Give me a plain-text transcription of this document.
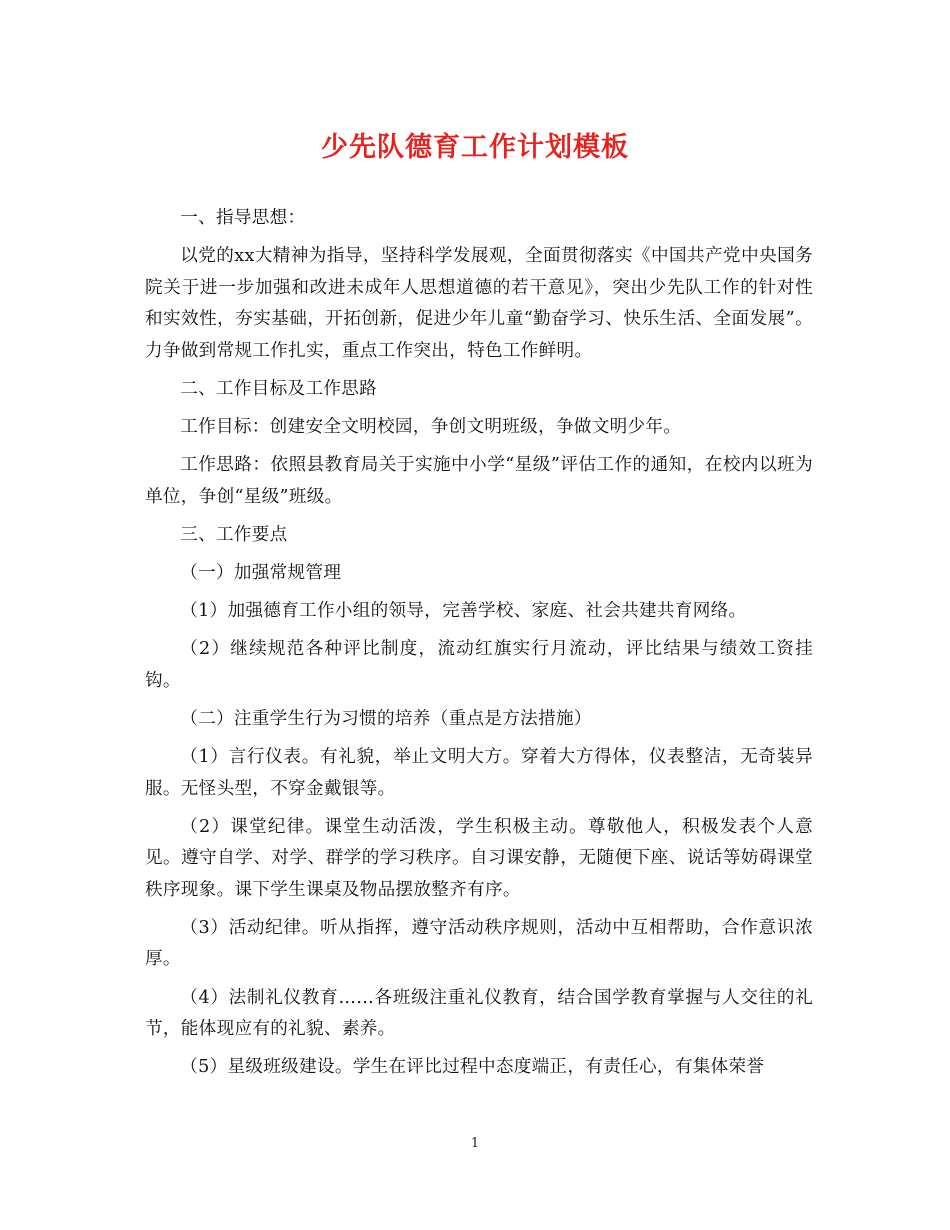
少先队德育工作计划模板

一、指导思想：

以党的xx大精神为指导，坚持科学发展观，全面贯彻落实《中国共产党中央国务院关于进一步加强和改进未成年人思想道德的若干意见》，突出少先队工作的针对性和实效性，夯实基础，开拓创新，促进少年儿童“勤奋学习、快乐生活、全面发展”。力争做到常规工作扎实，重点工作突出，特色工作鲜明。

二、工作目标及工作思路

工作目标：创建安全文明校园，争创文明班级，争做文明少年。

工作思路：依照县教育局关于实施中小学“星级”评估工作的通知，在校内以班为单位，争创“星级”班级。

三、工作要点

（一）加强常规管理

（1）加强德育工作小组的领导，完善学校、家庭、社会共建共育网络。

（2）继续规范各种评比制度，流动红旗实行月流动，评比结果与绩效工资挂钩。

（二）注重学生行为习惯的培养（重点是方法措施）

（1）言行仪表。有礼貌，举止文明大方。穿着大方得体，仪表整洁，无奇装异服。无怪头型，不穿金戴银等。

（2）课堂纪律。课堂生动活泼，学生积极主动。尊敬他人，积极发表个人意见。遵守自学、对学、群学的学习秩序。自习课安静，无随便下座、说话等妨碍课堂秩序现象。课下学生课桌及物品摆放整齐有序。

（3）活动纪律。听从指挥，遵守活动秩序规则，活动中互相帮助，合作意识浓厚。

（4）法制礼仪教育……各班级注重礼仪教育，结合国学教育掌握与人交往的礼节，能体现应有的礼貌、素养。

（5）星级班级建设。学生在评比过程中态度端正，有责任心，有集体荣誉

1
